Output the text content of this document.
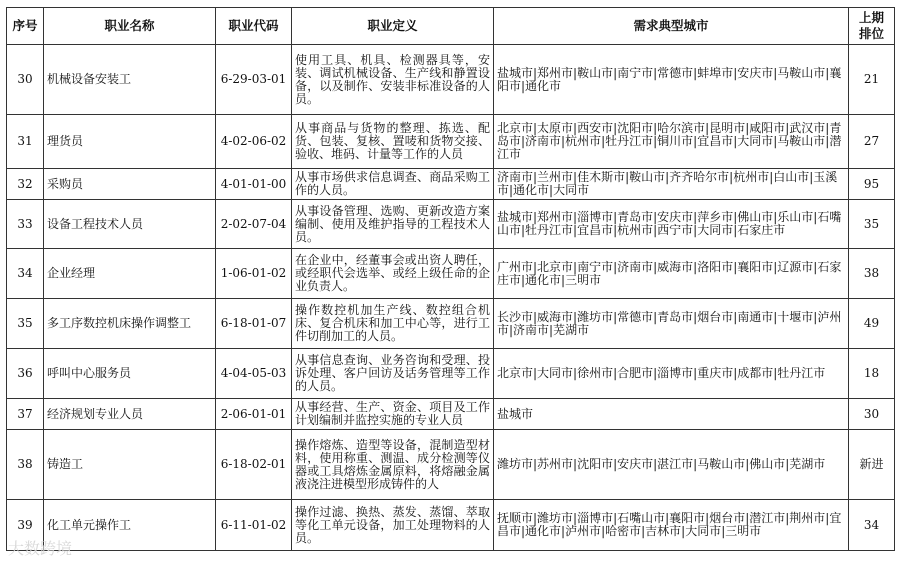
序号	职业名称	职业代码	职业定义	需求典型城市	上期排位
30	机械设备安装工	6-29-03-01	使用工具、机具、检测器具等，安装、调试机械设备、生产线和静置设备，以及制作、安装非标准设备的人员。	盐城市|郑州市|鞍山市|南宁市|常德市|蚌埠市|安庆市|马鞍山市|襄阳市|通化市	21
31	理货员	4-02-06-02	从事商品与货物的整理、拣选、配货、包装、复核、置唛和货物交接、验收、堆码、计量等工作的人员	北京市|太原市|西安市|沈阳市|哈尔滨市|昆明市|咸阳市|武汉市|青岛市|济南市|杭州市|牡丹江市|铜川市|宜昌市|大同市|马鞍山市|潜江市	27
32	采购员	4-01-01-00	从事市场供求信息调查、商品采购工作的人员。	济南市|兰州市|佳木斯市|鞍山市|齐齐哈尔市|杭州市|白山市|玉溪市|通化市|大同市	95
33	设备工程技术人员	2-02-07-04	从事设备管理、选购、更新改造方案编制、使用及维护指导的工程技术人员。	盐城市|郑州市|淄博市|青岛市|安庆市|萍乡市|佛山市|乐山市|石嘴山市|牡丹江市|宜昌市|杭州市|西宁市|大同市|石家庄市	35
34	企业经理	1-06-01-02	在企业中，经董事会或出资人聘任，或经职代会选举、或经上级任命的企业负责人。	广州市|北京市|南宁市|济南市|威海市|洛阳市|襄阳市|辽源市|石家庄市|通化市|三明市	38
35	多工序数控机床操作调整工	6-18-01-07	操作数控机加生产线、数控组合机床、复合机床和加工中心等，进行工件切削加工的人员。	长沙市|威海市|潍坊市|常德市|青岛市|烟台市|南通市|十堰市|泸州市|济南市|芜湖市	49
36	呼叫中心服务员	4-04-05-03	从事信息查询、业务咨询和受理、投诉处理、客户回访及话务管理等工作的人员。	北京市|大同市|徐州市|合肥市|淄博市|重庆市|成都市|牡丹江市	18
37	经济规划专业人员	2-06-01-01	从事经营、生产、资金、项目及工作计划编制并监控实施的专业人员	盐城市	30
38	铸造工	6-18-02-01	操作熔炼、造型等设备，混制造型材料，使用称重、测温、成分检测等仪器或工具熔炼金属原料，将熔融金属液浇注进模型形成铸件的人	潍坊市|苏州市|沈阳市|安庆市|湛江市|马鞍山市|佛山市|芜湖市	新进
39	化工单元操作工	6-11-01-02	操作过滤、换热、蒸发、蒸馏、萃取等化工单元设备，加工处理物料的人员。	抚顺市|潍坊市|淄博市|石嘴山市|襄阳市|烟台市|潜江市|荆州市|宜昌市|通化市|泸州市|哈密市|吉林市|大同市|三明市	34
大数跨境
